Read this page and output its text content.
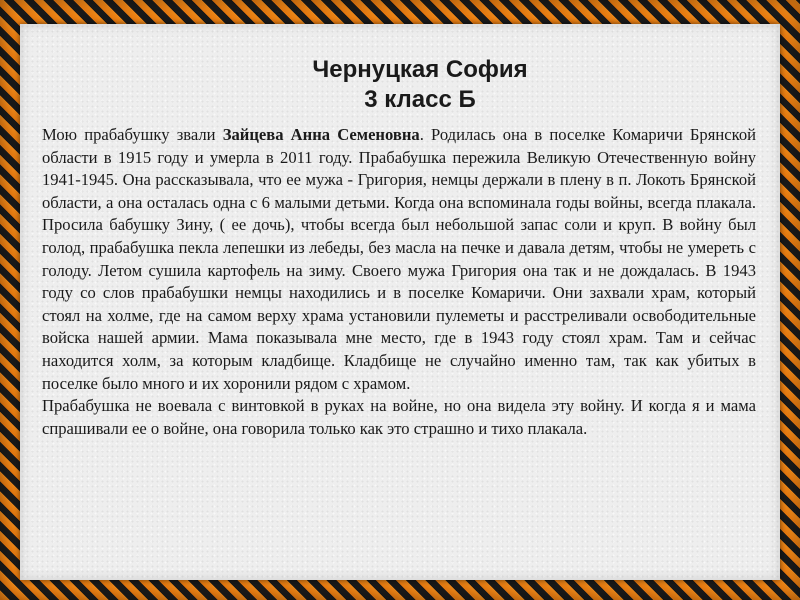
Чернуцкая София
3 класс Б

Мою прабабушку звали Зайцева Анна Семеновна. Родилась она в поселке Комаричи Брянской области в 1915 году и умерла в 2011 году. Прабабушка пережила Великую Отечественную войну 1941-1945. Она рассказывала, что ее мужа - Григория, немцы держали в плену в п. Локоть Брянской области, а она осталась одна с 6 малыми детьми. Когда она вспоминала годы войны, всегда плакала. Просила бабушку Зину, ( ее дочь), чтобы всегда был небольшой запас соли и круп. В войну был голод, прабабушка пекла лепешки из лебеды, без масла на печке и давала детям, чтобы не умереть с голоду. Летом сушила картофель на зиму. Своего мужа Григория она так и не дождалась. В 1943 году со слов прабабушки немцы находились и в поселке Комаричи. Они захвали храм, который стоял на холме, где на самом верху храма установили пулеметы и расстреливали освободительные войска нашей армии. Мама показывала мне место, где в 1943 году стоял храм. Там и сейчас находится холм, за которым кладбище. Кладбище не случайно именно там, так как убитых в поселке было много и их хоронили рядом с храмом.

Прабабушка не воевала с винтовкой в руках на войне, но она видела эту войну. И когда я и мама спрашивали ее о войне, она говорила только как это страшно и тихо плакала.
